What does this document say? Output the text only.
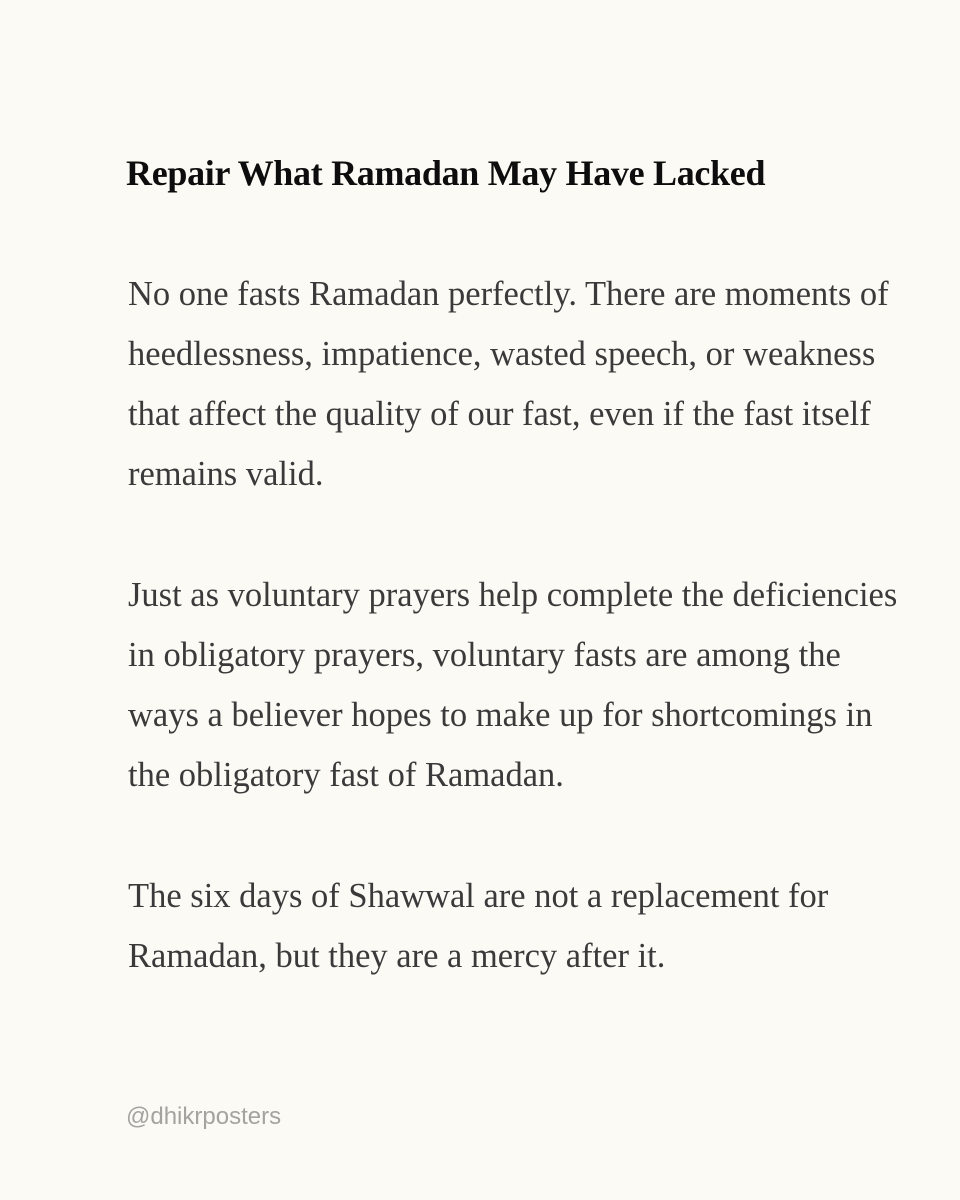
Repair What Ramadan May Have Lacked

No one fasts Ramadan perfectly. There are moments of heedlessness, impatience, wasted speech, or weakness that affect the quality of our fast, even if the fast itself remains valid.

Just as voluntary prayers help complete the deficiencies in obligatory prayers, voluntary fasts are among the ways a believer hopes to make up for shortcomings in the obligatory fast of Ramadan.

The six days of Shawwal are not a replacement for Ramadan, but they are a mercy after it.

@dhikrposters
